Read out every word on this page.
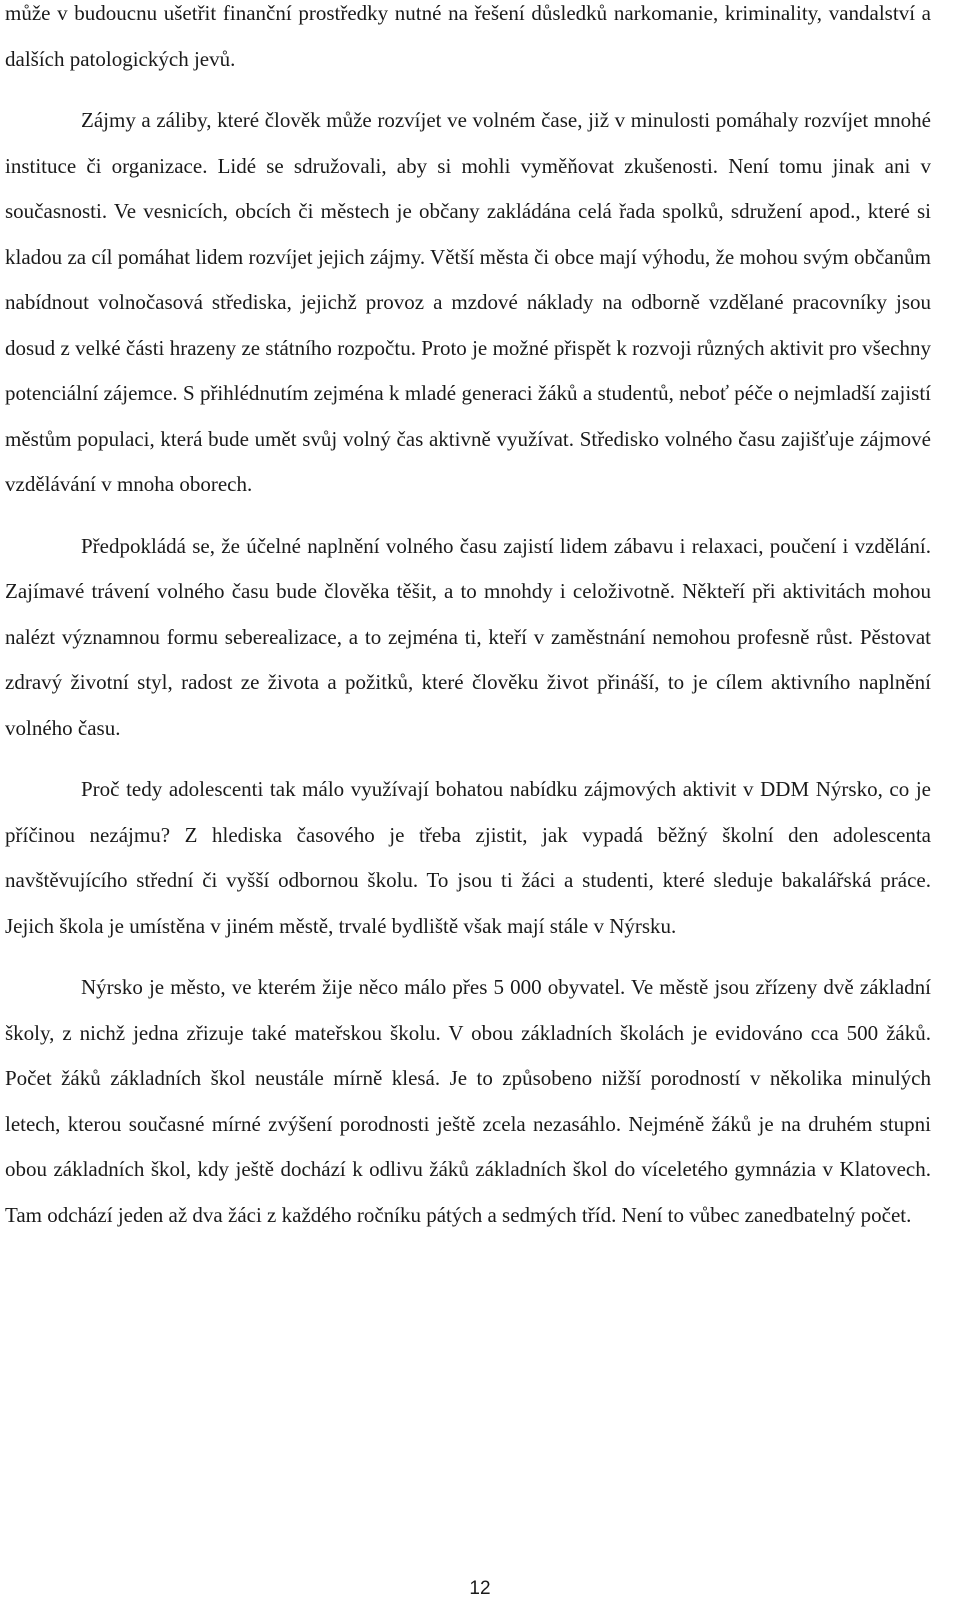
může v budoucnu ušetřit finanční prostředky nutné na řešení důsledků narkomanie, kriminality, vandalství a dalších patologických jevů.

Zájmy a záliby, které člověk může rozvíjet ve volném čase, již v minulosti pomáhaly rozvíjet mnohé instituce či organizace. Lidé se sdružovali, aby si mohli vyměňovat zkušenosti. Není tomu jinak ani v současnosti. Ve vesnicích, obcích či městech je občany zakládána celá řada spolků, sdružení apod., které si kladou za cíl pomáhat lidem rozvíjet jejich zájmy. Větší města či obce mají výhodu, že mohou svým občanům nabídnout volnočasová střediska, jejichž provoz a mzdové náklady na odborně vzdělané pracovníky jsou dosud z velké části hrazeny ze státního rozpočtu. Proto je možné přispět k rozvoji různých aktivit pro všechny potenciální zájemce. S přihlédnutím zejména k mladé generaci žáků a studentů, neboť péče o nejmladší zajistí městům populaci, která bude umět svůj volný čas aktivně využívat. Středisko volného času zajišťuje zájmové vzdělávání v mnoha oborech.

Předpokládá se, že účelné naplnění volného času zajistí lidem zábavu i relaxaci, poučení i vzdělání. Zajímavé trávení volného času bude člověka těšit, a to mnohdy i celoživotně. Někteří při aktivitách mohou nalézt významnou formu seberealizace, a to zejména ti, kteří v zaměstnání nemohou profesně růst. Pěstovat zdravý životní styl, radost ze života a požitků, které člověku život přináší, to je cílem aktivního naplnění volného času.

Proč tedy adolescenti tak málo využívají bohatou nabídku zájmových aktivit v DDM Nýrsko, co je příčinou nezájmu? Z hlediska časového je třeba zjistit, jak vypadá běžný školní den adolescenta navštěvujícího střední či vyšší odbornou školu. To jsou ti žáci a studenti, které sleduje bakalářská práce. Jejich škola je umístěna v jiném městě, trvalé bydliště však mají stále v Nýrsku.

Nýrsko je město, ve kterém žije něco málo přes 5 000 obyvatel. Ve městě jsou zřízeny dvě základní školy, z nichž jedna zřizuje také mateřskou školu. V obou základních školách je evidováno cca 500 žáků. Počet žáků základních škol neustále mírně klesá. Je to způsobeno nižší porodností v několika minulých letech, kterou současné mírné zvýšení porodnosti ještě zcela nezasáhlo. Nejméně žáků je na druhém stupni obou základních škol, kdy ještě dochází k odlivu žáků základních škol do víceletého gymnázia v Klatovech. Tam odchází jeden až dva žáci z každého ročníku pátých a sedmých tříd. Není to vůbec zanedbatelný počet.

12
